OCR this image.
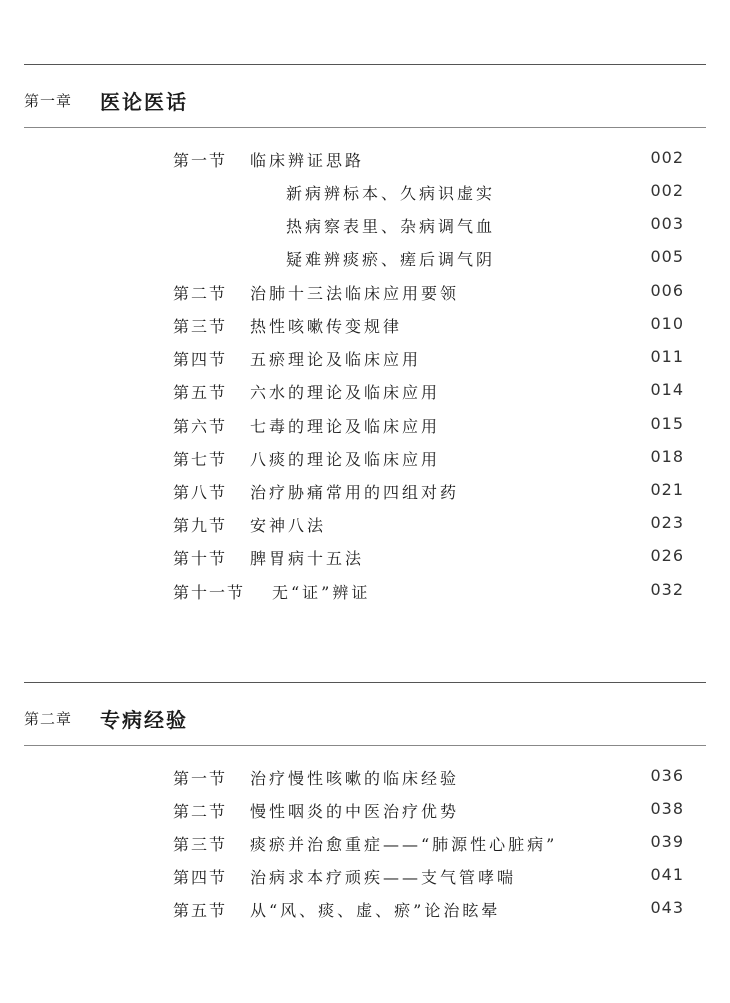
第一章 医论医话
第一节 临床辨证思路	002
新病辨标本、久病识虚实	002
热病察表里、杂病调气血	003
疑难辨痰瘀、瘥后调气阴	005
第二节 治肺十三法临床应用要领	006
第三节 热性咳嗽传变规律	010
第四节 五瘀理论及临床应用	011
第五节 六水的理论及临床应用	014
第六节 七毒的理论及临床应用	015
第七节 八痰的理论及临床应用	018
第八节 治疗胁痛常用的四组对药	021
第九节 安神八法	023
第十节 脾胃病十五法	026
第十一节 无“证”辨证	032
第二章 专病经验
第一节 治疗慢性咳嗽的临床经验	036
第二节 慢性咽炎的中医治疗优势	038
第三节 痰瘀并治愈重症——“肺源性心脏病”	039
第四节 治病求本疗顽疾——支气管哮喘	041
第五节 从“风、痰、虚、瘀”论治眩晕	043
